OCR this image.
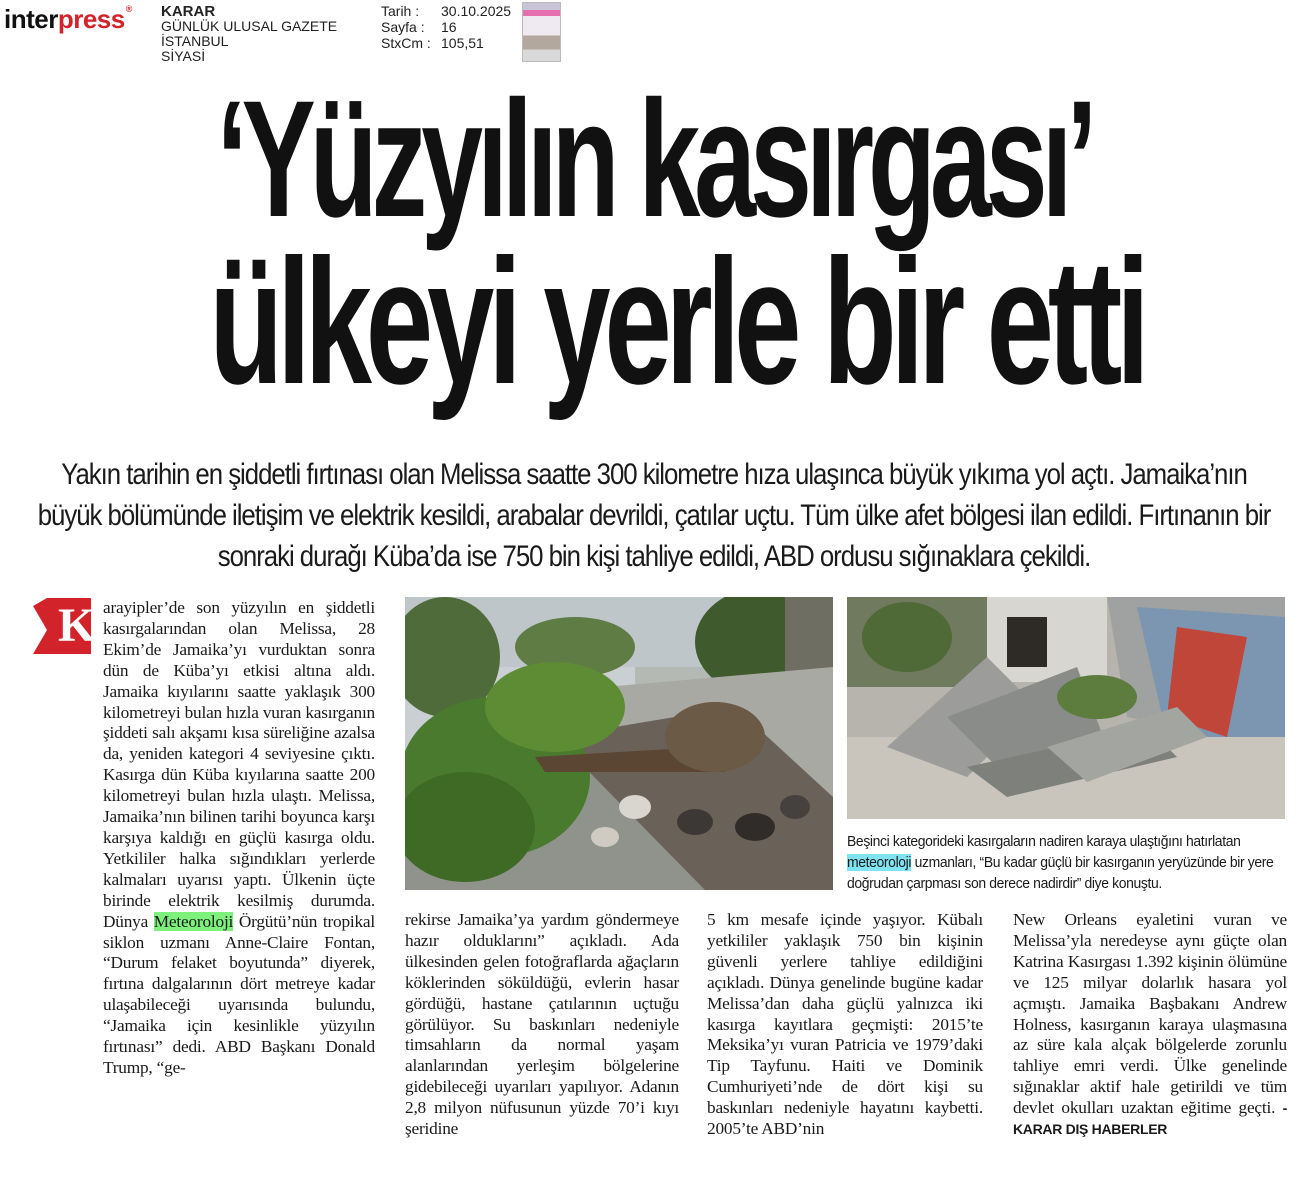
interpress® KARAR
GÜNLÜK ULUSAL GAZETE
İSTANBUL
SİYASİ
Tarih :	30.10.2025
Sayfa :	16
StxCm : 105,51
‘Yüzyılın kasırgası’
ülkeyi yerle bir etti
Yakın tarihin en şiddetli fırtınası olan Melissa saatte 300 kilometre hıza ulaşınca büyük yıkıma yol açtı. Jamaika’nın büyük bölümünde iletişim ve elektrik kesildi, arabalar devrildi, çatılar uçtu. Tüm ülke afet bölgesi ilan edildi. Fırtınanın bir sonraki durağı Küba’da ise 750 bin kişi tahliye edildi, ABD ordusu sığınaklara çekildi.
K arayipler’de son yüzyılın en şiddetli kasırgalarından olan Melissa, 28 Ekim’de Jamaika’yı vurduktan sonra dün de Küba’yı etkisi altına aldı. Jamaika kıyılarını saatte yaklaşık 300 kilometreyi bulan hızla vuran kasırganın şiddeti salı akşamı kısa süreliğine azalsa da, yeniden kategori 4 seviyesine çıktı. Kasırga dün Küba kıyılarına saatte 200 kilometreyi bulan hızla ulaştı. Melissa, Jamaika’nın bilinen tarihi boyunca karşı karşıya kaldığı en güçlü kasırga oldu. Yetkililer halka sığındıkları yerlerde kalmaları uyarısı yaptı. Ülkenin üçte birinde elektrik kesilmiş durumda. Dünya Meteoroloji Örgütü’nün tropikal siklon uzmanı Anne-Claire Fontan, “Durum felaket boyutunda” diyerek, fırtına dalgalarının dört metreye kadar ulaşabileceği uyarısında bulundu, “Jamaika için kesinlikle yüzyılın fırtınası” dedi. ABD Başkanı Donald Trump, “ge-
Beşinci kategorideki kasırgaların nadiren karaya ulaştığını hatırlatan meteoroloji uzmanları, “Bu kadar güçlü bir kasırganın yeryüzünde bir yere doğrudan çarpması son derece nadirdir” diye konuştu.
rekirse Jamaika’ya yardım göndermeye hazır olduklarını” açıkladı. Ada ülkesinden gelen fotoğraflarda ağaçların köklerinden söküldüğü, evlerin hasar gördüğü, hastane çatılarının uçtuğu görülüyor. Su baskınları nedeniyle timsahların da normal yaşam alanlarından yerleşim bölgelerine gidebileceği uyarıları yapılıyor. Adanın 2,8 milyon nüfusunun yüzde 70’i kıyı şeridine
5 km mesafe içinde yaşıyor. Kübalı yetkililer yaklaşık 750 bin kişinin güvenli yerlere tahliye edildiğini açıkladı. Dünya genelinde bugüne kadar Melissa’dan daha güçlü yalnızca iki kasırga kayıtlara geçmişti: 2015’te Meksika’yı vuran Patricia ve 1979’daki Tip Tayfunu. Haiti ve Dominik Cumhuriyeti’nde de dört kişi su baskınları nedeniyle hayatını kaybetti. 2005’te ABD’nin
New Orleans eyaletini vuran ve Melissa’yla neredeyse aynı güçte olan Katrina Kasırgası 1.392 kişinin ölümüne ve 125 milyar dolarlık hasara yol açmıştı. Jamaika Başbakanı Andrew Holness, kasırganın karaya ulaşmasına az süre kala alçak bölgelerde zorunlu tahliye emri verdi. Ülke genelinde sığınaklar aktif hale getirildi ve tüm devlet okulları uzaktan eğitime geçti. -KARAR DIŞ HABERLER
